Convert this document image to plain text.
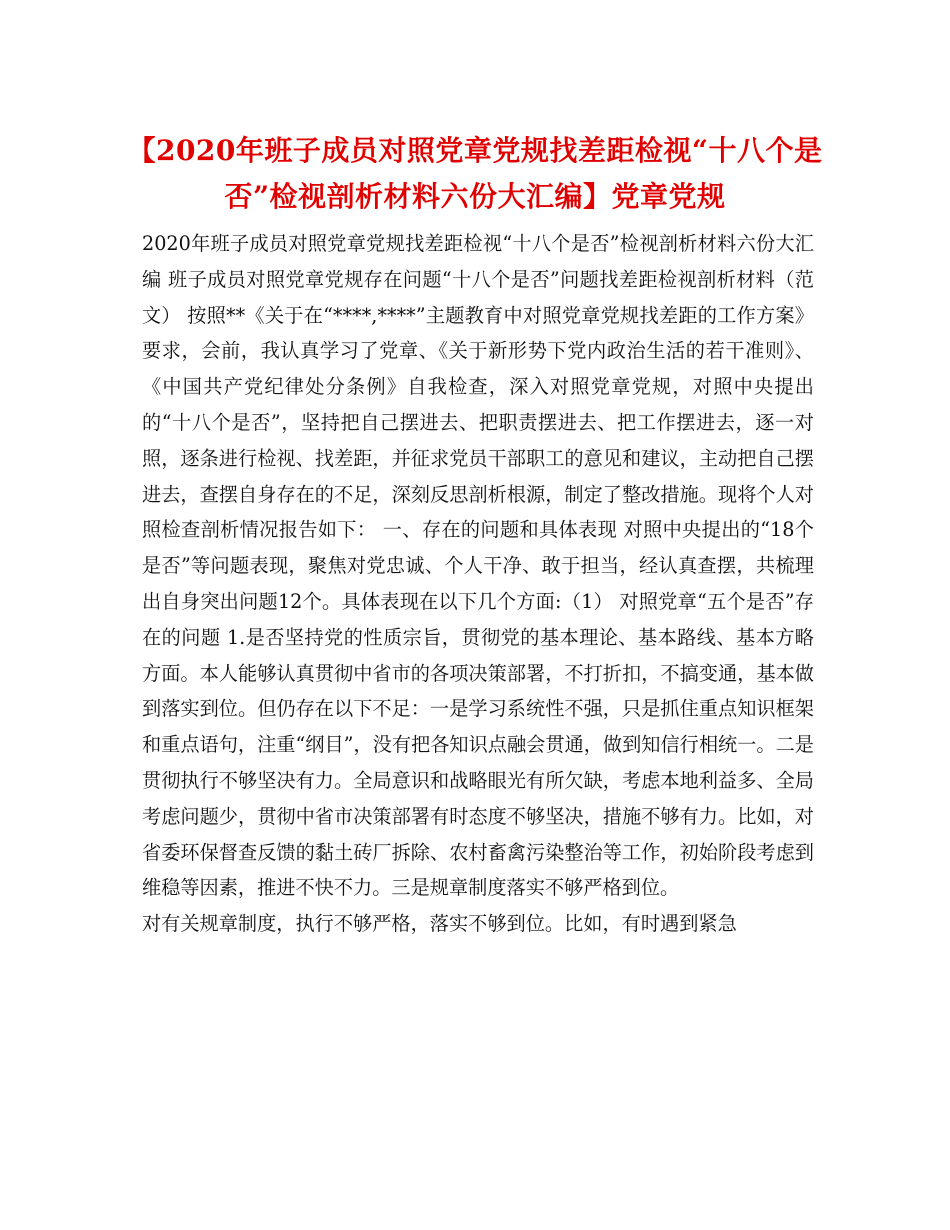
【2020年班子成员对照党章党规找差距检视“十八个是否”检视剖析材料六份大汇编】党章党规

2020年班子成员对照党章党规找差距检视“十八个是否”检视剖析材料六份大汇编 班子成员对照党章党规存在问题“十八个是否”问题找差距检视剖析材料（范文） 按照**《关于在“****,****”主题教育中对照党章党规找差距的工作方案》要求，会前，我认真学习了党章、《关于新形势下党内政治生活的若干准则》、《中国共产党纪律处分条例》自我检查，深入对照党章党规，对照中央提出的“十八个是否”，坚持把自己摆进去、把职责摆进去、把工作摆进去，逐一对照，逐条进行检视、找差距，并征求党员干部职工的意见和建议，主动把自己摆进去，查摆自身存在的不足，深刻反思剖析根源，制定了整改措施。现将个人对照检查剖析情况报告如下： 一、存在的问题和具体表现 对照中央提出的“18个是否”等问题表现，聚焦对党忠诚、个人干净、敢于担当，经认真查摆，共梳理出自身突出问题12个。具体表现在以下几个方面:（1） 对照党章“五个是否”存在的问题 1.是否坚持党的性质宗旨，贯彻党的基本理论、基本路线、基本方略方面。本人能够认真贯彻中省市的各项决策部署，不打折扣，不搞变通，基本做到落实到位。但仍存在以下不足：一是学习系统性不强，只是抓住重点知识框架和重点语句，注重“纲目”，没有把各知识点融会贯通，做到知信行相统一。二是贯彻执行不够坚决有力。全局意识和战略眼光有所欠缺，考虑本地利益多、全局考虑问题少，贯彻中省市决策部署有时态度不够坚决，措施不够有力。比如，对省委环保督查反馈的黏土砖厂拆除、农村畜禽污染整治等工作，初始阶段考虑到维稳等因素，推进不快不力。三是规章制度落实不够严格到位。

对有关规章制度，执行不够严格，落实不够到位。比如，有时遇到紧急
